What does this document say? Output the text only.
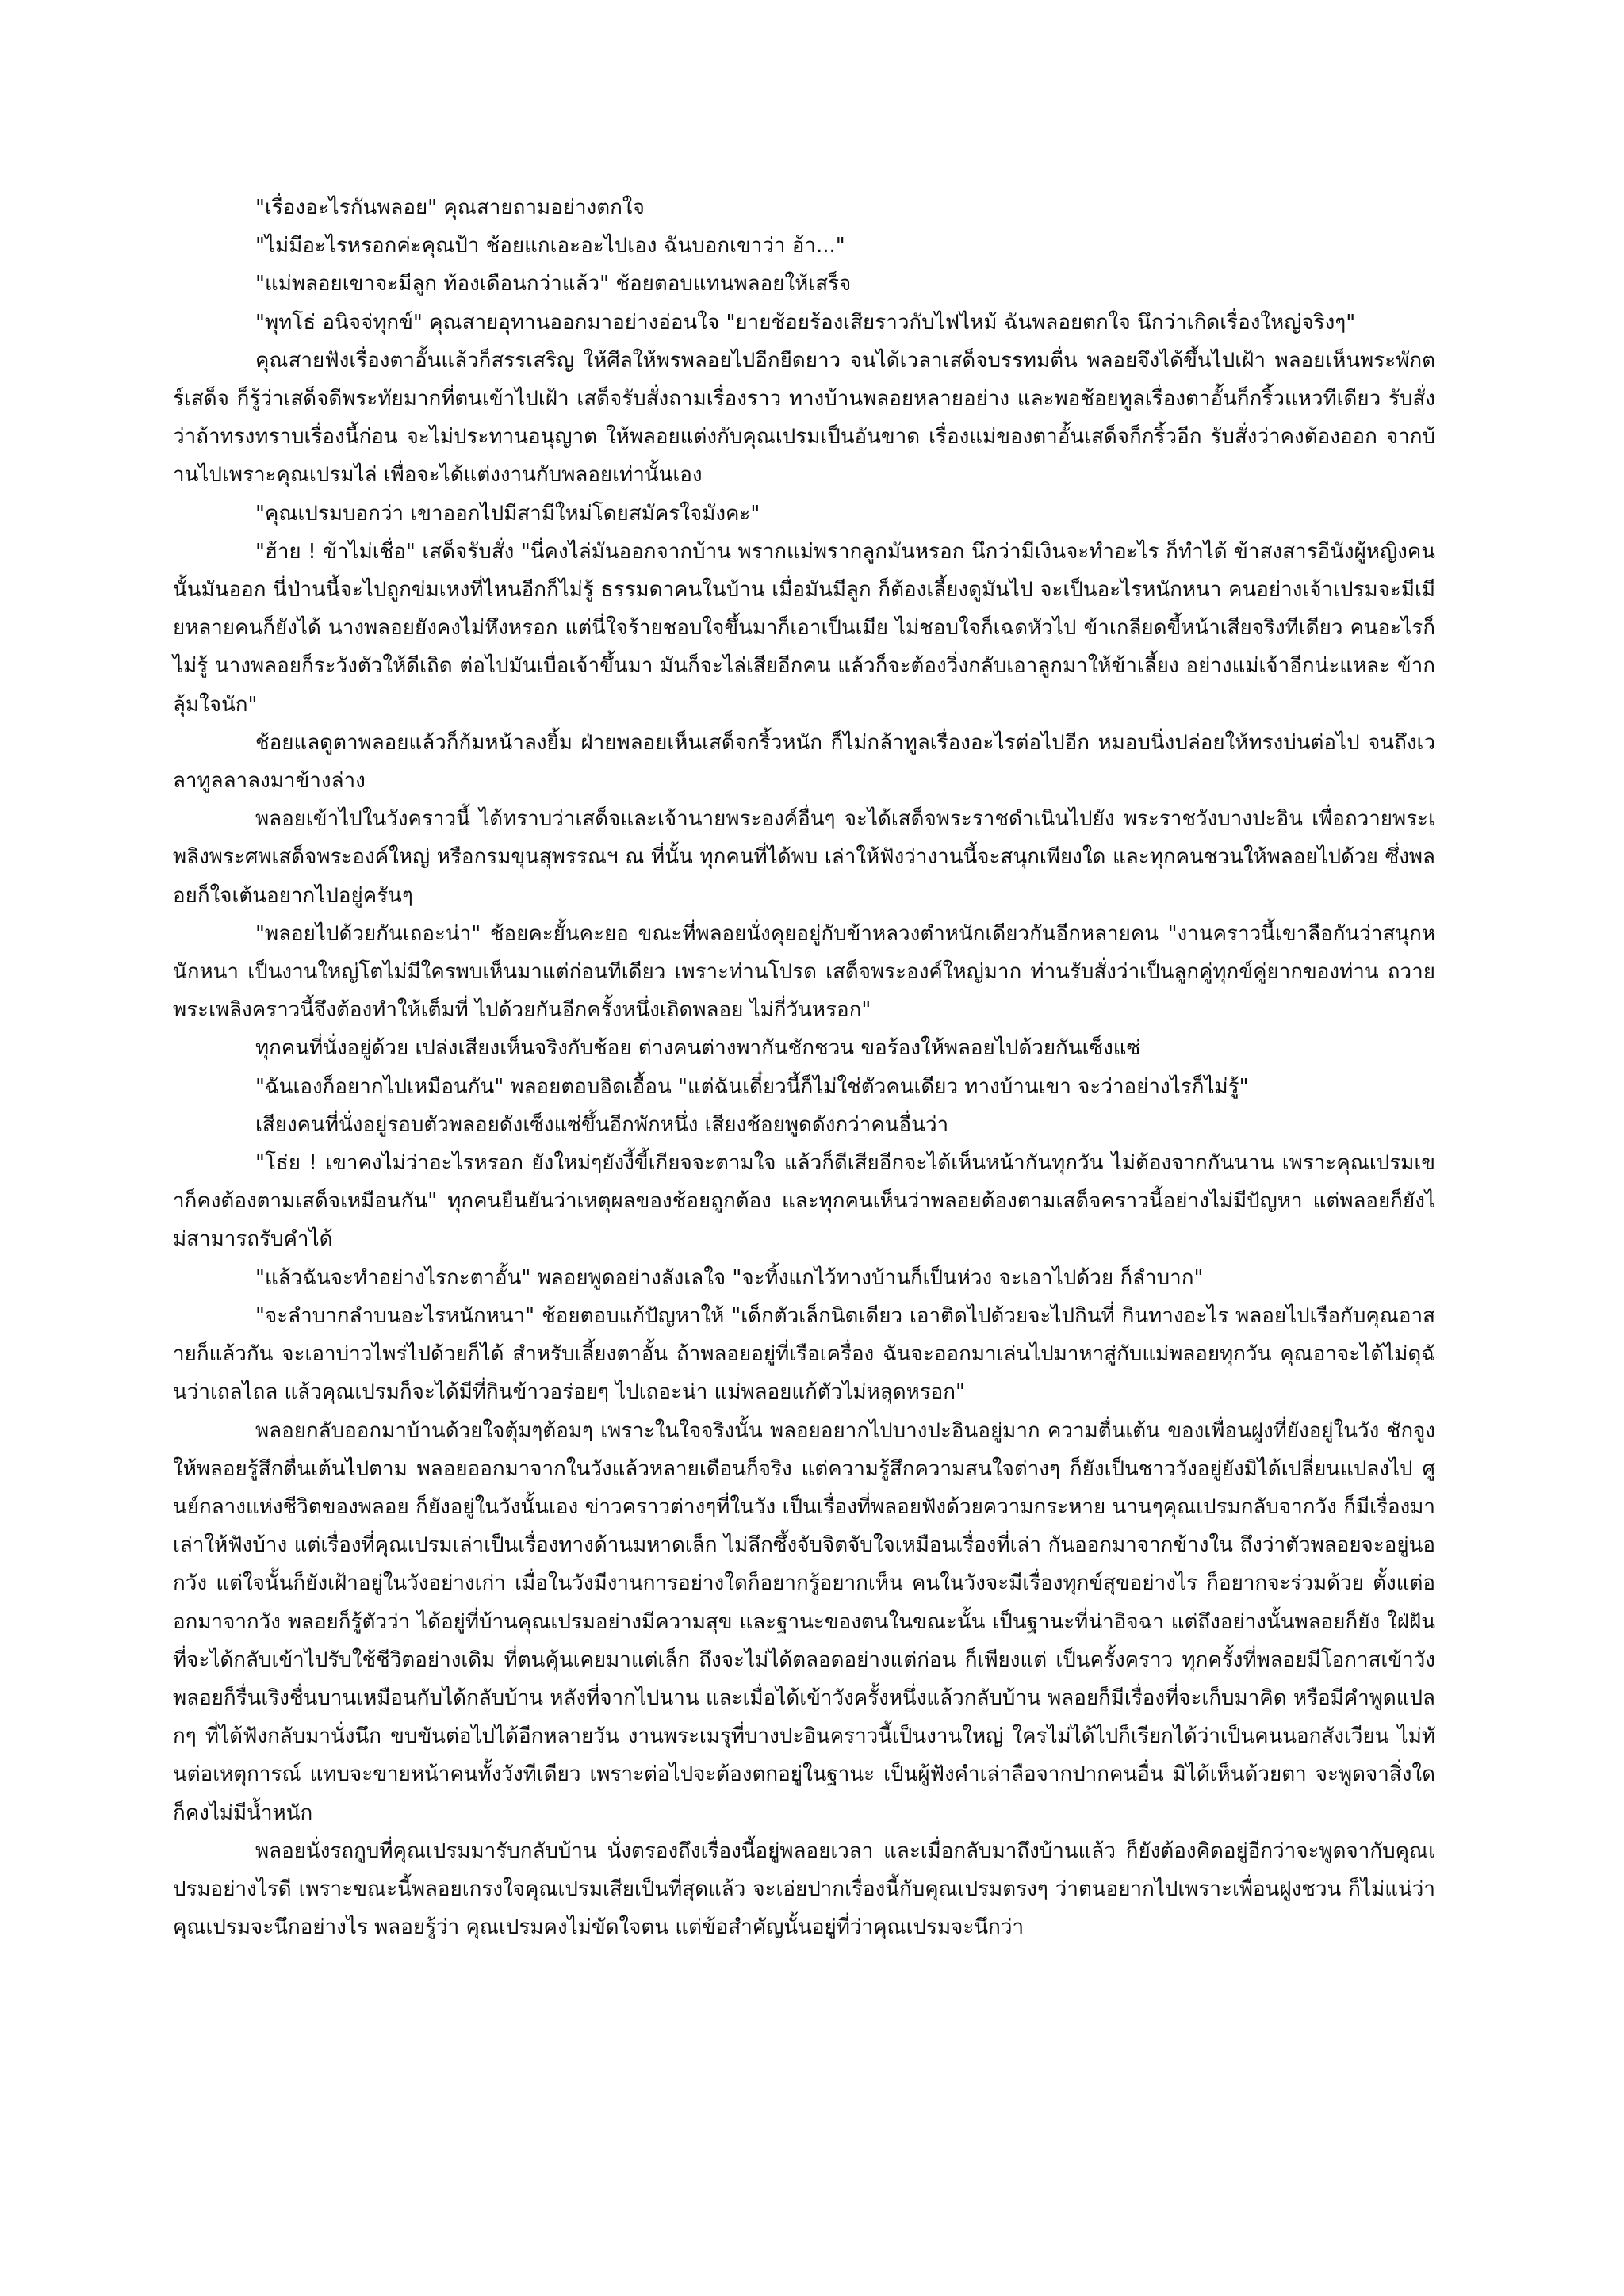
"เรื่องอะไรกันพลอย" คุณสายถามอย่างตกใจ

"ไม่มีอะไรหรอกค่ะคุณป้า ช้อยแกเอะอะไปเอง ฉันบอกเขาว่า อ้า..."

"แม่พลอยเขาจะมีลูก ท้องเดือนกว่าแล้ว" ช้อยตอบแทนพลอยให้เสร็จ

"พุทโธ่ อนิจจ่ทุกข์" คุณสายอุทานออกมาอย่างอ่อนใจ "ยายช้อยร้องเสียราวกับไฟไหม้ ฉันพลอยตกใจ นึกว่าเกิดเรื่องใหญ่จริงๆ"

คุณสายฟังเรื่องตาอั้นแล้วก็สรรเสริญ ให้ศีลให้พรพลอยไปอีกยืดยาว จนได้เวลาเสด็จบรรทมตื่น พลอยจึงได้ขึ้นไปเฝ้า พลอยเห็นพระพักตร์เสด็จ ก็รู้ว่าเสด็จดีพระทัยมากที่ตนเข้าไปเฝ้า เสด็จรับสั่งถามเรื่องราว ทางบ้านพลอยหลายอย่าง และพอช้อยทูลเรื่องตาอั้นก็กริ้วแหวทีเดียว รับสั่งว่าถ้าทรงทราบเรื่องนี้ก่อน จะไม่ประทานอนุญาต ให้พลอยแต่งกับคุณเปรมเป็นอันขาด เรื่องแม่ของตาอั้นเสด็จก็กริ้วอีก รับสั่งว่าคงต้องออก จากบ้านไปเพราะคุณเปรมไล่ เพื่อจะได้แต่งงานกับพลอยเท่านั้นเอง

"คุณเปรมบอกว่า เขาออกไปมีสามีใหม่โดยสมัครใจมังคะ"

"ฮ้าย ! ข้าไม่เชื่อ" เสด็จรับสั่ง "นี่คงไล่มันออกจากบ้าน พรากแม่พรากลูกมันหรอก นึกว่ามีเงินจะทำอะไร ก็ทำได้ ข้าสงสารอีนังผู้หญิงคนนั้นมันออก นี่ป่านนี้จะไปถูกข่มเหงที่ไหนอีกก็ไม่รู้ ธรรมดาคนในบ้าน เมื่อมันมีลูก ก็ต้องเลี้ยงดูมันไป จะเป็นอะไรหนักหนา คนอย่างเจ้าเปรมจะมีเมียหลายคนก็ยังได้ นางพลอยยังคงไม่หึงหรอก แต่นี่ใจร้ายชอบใจขึ้นมาก็เอาเป็นเมีย ไม่ชอบใจก็เฉดหัวไป ข้าเกลียดขี้หน้าเสียจริงทีเดียว คนอะไรก็ไม่รู้ นางพลอยก็ระวังตัวให้ดีเถิด ต่อไปมันเบื่อเจ้าขึ้นมา มันก็จะไล่เสียอีกคน แล้วก็จะต้องวิ่งกลับเอาลูกมาให้ข้าเลี้ยง อย่างแม่เจ้าอีกน่ะแหละ ข้ากลุ้มใจนัก"

ช้อยแลดูตาพลอยแล้วก็ก้มหน้าลงยิ้ม ฝ่ายพลอยเห็นเสด็จกริ้วหนัก ก็ไม่กล้าทูลเรื่องอะไรต่อไปอีก หมอบนิ่งปล่อยให้ทรงบ่นต่อไป จนถึงเวลาทูลลาลงมาข้างล่าง

พลอยเข้าไปในวังคราวนี้ ได้ทราบว่าเสด็จและเจ้านายพระองค์อื่นๆ จะได้เสด็จพระราชดำเนินไปยัง พระราชวังบางปะอิน เพื่อถวายพระเพลิงพระศพเสด็จพระองค์ใหญ่ หรือกรมขุนสุพรรณฯ ณ ที่นั้น ทุกคนที่ได้พบ เล่าให้ฟังว่างานนี้จะสนุกเพียงใด และทุกคนชวนให้พลอยไปด้วย ซึ่งพลอยก็ใจเต้นอยากไปอยู่ครันๆ

"พลอยไปด้วยกันเถอะน่า" ช้อยคะยั้นคะยอ ขณะที่พลอยนั่งคุยอยู่กับข้าหลวงตำหนักเดียวกันอีกหลายคน "งานคราวนี้เขาลือกันว่าสนุกหนักหนา เป็นงานใหญ่โตไม่มีใครพบเห็นมาแต่ก่อนทีเดียว เพราะท่านโปรด เสด็จพระองค์ใหญ่มาก ท่านรับสั่งว่าเป็นลูกคู่ทุกข์คู่ยากของท่าน ถวายพระเพลิงคราวนี้จึงต้องทำให้เต็มที่ ไปด้วยกันอีกครั้งหนึ่งเถิดพลอย ไม่กี่วันหรอก"

ทุกคนที่นั่งอยู่ด้วย เปล่งเสียงเห็นจริงกับช้อย ต่างคนต่างพากันชักชวน ขอร้องให้พลอยไปด้วยกันเซ็งแซ่

"ฉันเองก็อยากไปเหมือนกัน" พลอยตอบอิดเอื้อน "แต่ฉันเดี๋ยวนี้ก็ไม่ใช่ตัวคนเดียว ทางบ้านเขา จะว่าอย่างไรก็ไม่รู้"

เสียงคนที่นั่งอยู่รอบตัวพลอยดังเซ็งแซ่ขึ้นอีกพักหนึ่ง เสียงช้อยพูดดังกว่าคนอื่นว่า

"โธ่ย ! เขาคงไม่ว่าอะไรหรอก ยังใหม่ๆยังงี้ขี้เกียจจะตามใจ แล้วก็ดีเสียอีกจะได้เห็นหน้ากันทุกวัน ไม่ต้องจากกันนาน เพราะคุณเปรมเขาก็คงต้องตามเสด็จเหมือนกัน" ทุกคนยืนยันว่าเหตุผลของช้อยถูกต้อง และทุกคนเห็นว่าพลอยต้องตามเสด็จคราวนี้อย่างไม่มีปัญหา แต่พลอยก็ยังไม่สามารถรับคำได้

"แล้วฉันจะทำอย่างไรกะตาอั้น" พลอยพูดอย่างลังเลใจ "จะทิ้งแกไว้ทางบ้านก็เป็นห่วง จะเอาไปด้วย ก็ลำบาก"

"จะลำบากลำบนอะไรหนักหนา" ช้อยตอบแก้ปัญหาให้ "เด็กตัวเล็กนิดเดียว เอาติดไปด้วยจะไปกินที่ กินทางอะไร พลอยไปเรือกับคุณอาสายก็แล้วกัน จะเอาบ่าวไพร่ไปด้วยก็ได้ สำหรับเลี้ยงตาอั้น ถ้าพลอยอยู่ที่เรือเครื่อง ฉันจะออกมาเล่นไปมาหาสู่กับแม่พลอยทุกวัน คุณอาจะได้ไม่ดุฉันว่าเถลไถล แล้วคุณเปรมก็จะได้มีที่กินข้าวอร่อยๆ ไปเถอะน่า แม่พลอยแก้ตัวไม่หลุดหรอก"

พลอยกลับออกมาบ้านด้วยใจตุ้มๆต้อมๆ เพราะในใจจริงนั้น พลอยอยากไปบางปะอินอยู่มาก ความตื่นเต้น ของเพื่อนฝูงที่ยังอยู่ในวัง ชักจูงให้พลอยรู้สึกตื่นเต้นไปตาม พลอยออกมาจากในวังแล้วหลายเดือนก็จริง แต่ความรู้สึกความสนใจต่างๆ ก็ยังเป็นชาววังอยู่ยังมิได้เปลี่ยนแปลงไป ศูนย์กลางแห่งชีวิตของพลอย ก็ยังอยู่ในวังนั้นเอง ข่าวคราวต่างๆที่ในวัง เป็นเรื่องที่พลอยฟังด้วยความกระหาย นานๆคุณเปรมกลับจากวัง ก็มีเรื่องมาเล่าให้ฟังบ้าง แต่เรื่องที่คุณเปรมเล่าเป็นเรื่องทางด้านมหาดเล็ก ไม่ลึกซึ้งจับจิตจับใจเหมือนเรื่องที่เล่า กันออกมาจากข้างใน ถึงว่าตัวพลอยจะอยู่นอกวัง แต่ใจนั้นก็ยังเฝ้าอยู่ในวังอย่างเก่า เมื่อในวังมีงานการอย่างใดก็อยากรู้อยากเห็น คนในวังจะมีเรื่องทุกข์สุขอย่างไร ก็อยากจะร่วมด้วย ตั้งแต่ออกมาจากวัง พลอยก็รู้ตัวว่า ได้อยู่ที่บ้านคุณเปรมอย่างมีความสุข และฐานะของตนในขณะนั้น เป็นฐานะที่น่าอิจฉา แต่ถึงอย่างนั้นพลอยก็ยัง ใฝ่ฝันที่จะได้กลับเข้าไปรับใช้ชีวิตอย่างเดิม ที่ตนคุ้นเคยมาแต่เล็ก ถึงจะไม่ได้ตลอดอย่างแต่ก่อน ก็เพียงแต่ เป็นครั้งคราว ทุกครั้งที่พลอยมีโอกาสเข้าวัง พลอยก็รื่นเริงชื่นบานเหมือนกับได้กลับบ้าน หลังที่จากไปนาน และเมื่อได้เข้าวังครั้งหนึ่งแล้วกลับบ้าน พลอยก็มีเรื่องที่จะเก็บมาคิด หรือมีคำพูดแปลกๆ ที่ได้ฟังกลับมานั่งนึก ขบขันต่อไปได้อีกหลายวัน งานพระเมรุที่บางปะอินคราวนี้เป็นงานใหญ่ ใครไม่ได้ไปก็เรียกได้ว่าเป็นคนนอกสังเวียน ไม่ทันต่อเหตุการณ์ แทบจะขายหน้าคนทั้งวังทีเดียว เพราะต่อไปจะต้องตกอยู่ในฐานะ เป็นผู้ฟังคำเล่าลือจากปากคนอื่น มิได้เห็นด้วยตา จะพูดจาสิ่งใดก็คงไม่มีน้ำหนัก

พลอยนั่งรถกูบที่คุณเปรมมารับกลับบ้าน นั่งตรองถึงเรื่องนี้อยู่พลอยเวลา และเมื่อกลับมาถึงบ้านแล้ว ก็ยังต้องคิดอยู่อีกว่าจะพูดจากับคุณเปรมอย่างไรดี เพราะขณะนี้พลอยเกรงใจคุณเปรมเสียเป็นที่สุดแล้ว จะเอ่ยปากเรื่องนี้กับคุณเปรมตรงๆ ว่าตนอยากไปเพราะเพื่อนฝูงชวน ก็ไม่แน่ว่าคุณเปรมจะนึกอย่างไร พลอยรู้ว่า คุณเปรมคงไม่ขัดใจตน แต่ข้อสำคัญนั้นอยู่ที่ว่าคุณเปรมจะนึกว่า
